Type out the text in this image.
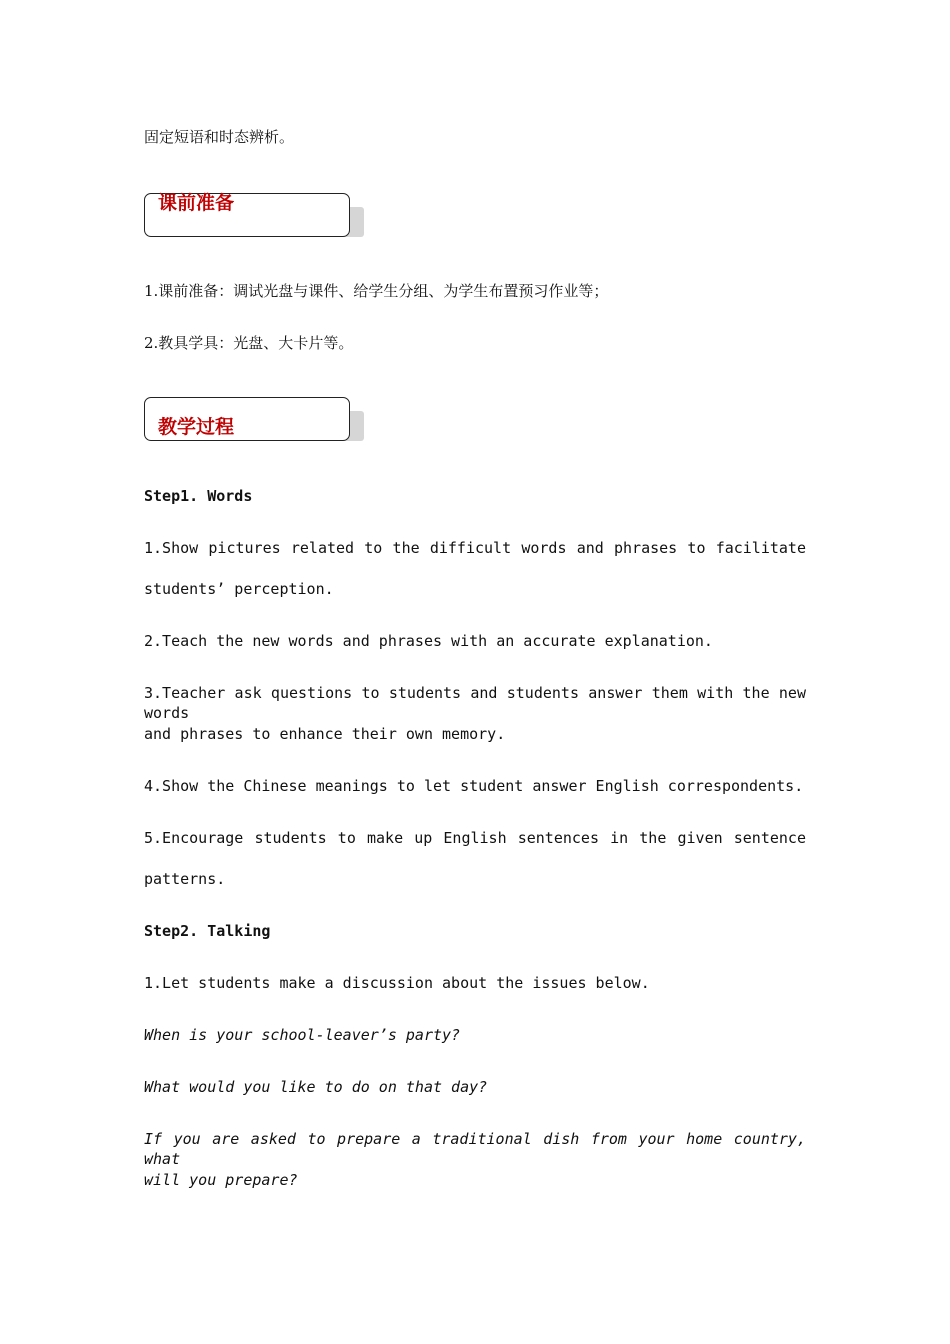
固定短语和时态辨析。
课前准备
1.课前准备：调试光盘与课件、给学生分组、为学生布置预习作业等；
2.教具学具：光盘、大卡片等。
教学过程
Step1. Words
1.Show pictures related to the difficult words and phrases to facilitate
students’ perception.
2.Teach the new words and phrases with an accurate explanation.
3.Teacher ask questions to students and students answer them with the new words
and phrases to enhance their own memory.
4.Show the Chinese meanings to let student answer English correspondents.
5.Encourage students to make up English sentences in the given sentence
patterns.
Step2. Talking
1.Let students make a discussion about the issues below.
When is your school-leaver’s party?
What would you like to do on that day?
If you are asked to prepare a traditional dish from your home country, what
will you prepare?
